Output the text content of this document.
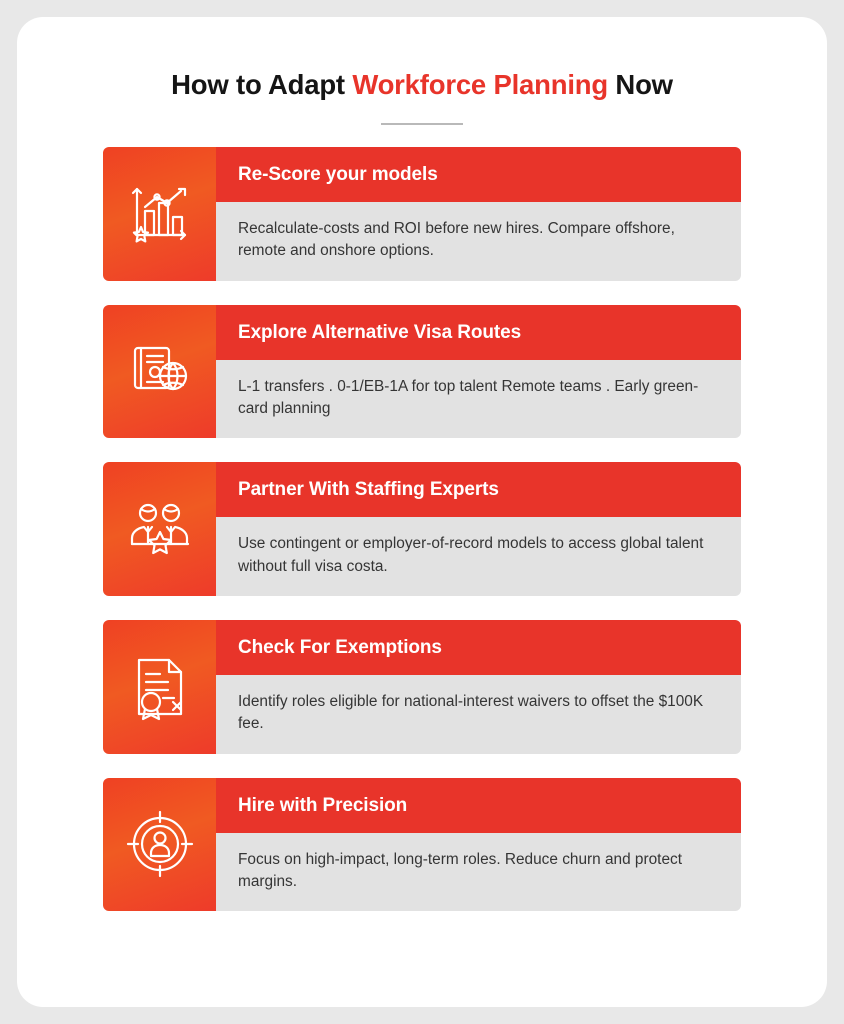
How to Adapt Workforce Planning Now
Re-Score your models
Recalculate-costs and ROI before new hires. Compare offshore, remote and onshore options.
Explore Alternative Visa Routes
L-1 transfers . 0-1/EB-1A for top talent Remote teams . Early green-card planning
Partner With Staffing Experts
Use contingent or employer-of-record models to access global talent without full visa costa.
Check For Exemptions
Identify roles eligible for national-interest waivers to offset the $100K fee.
Hire with Precision
Focus on high-impact, long-term roles. Reduce churn and protect margins.
